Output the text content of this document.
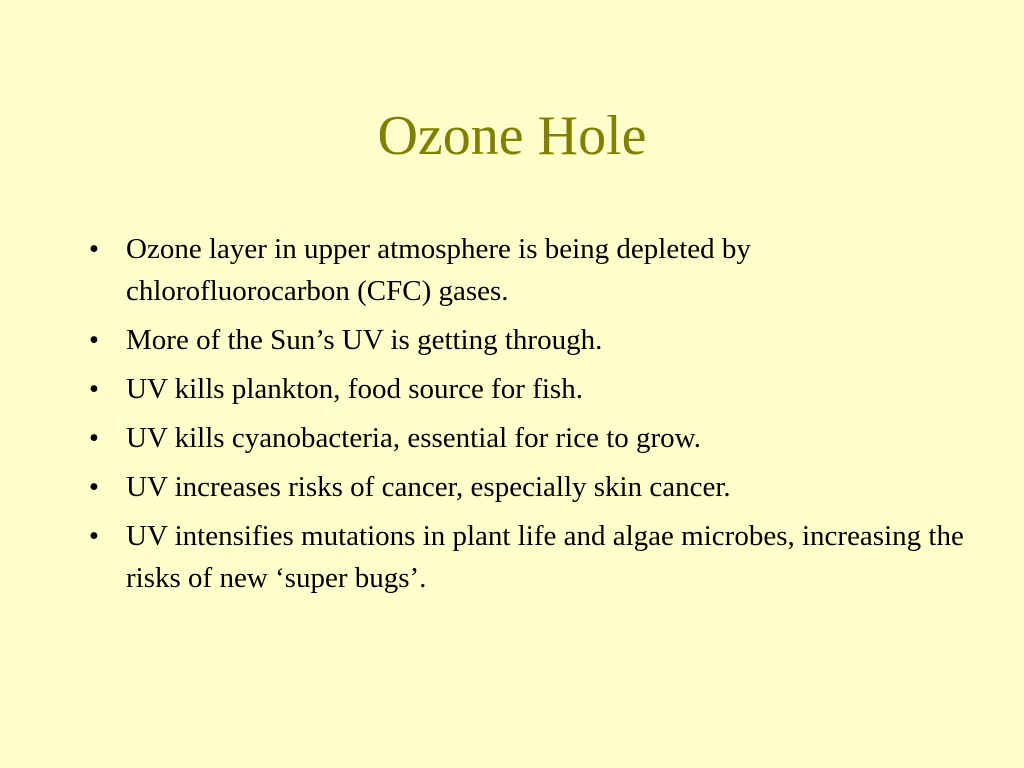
Ozone Hole
• Ozone layer in upper atmosphere is being depleted by chlorofluorocarbon (CFC) gases.
• More of the Sun’s UV is getting through.
• UV kills plankton, food source for fish.
• UV kills cyanobacteria, essential for rice to grow.
• UV increases risks of cancer, especially skin cancer.
• UV intensifies mutations in plant life and algae microbes, increasing the risks of new ‘super bugs’.
